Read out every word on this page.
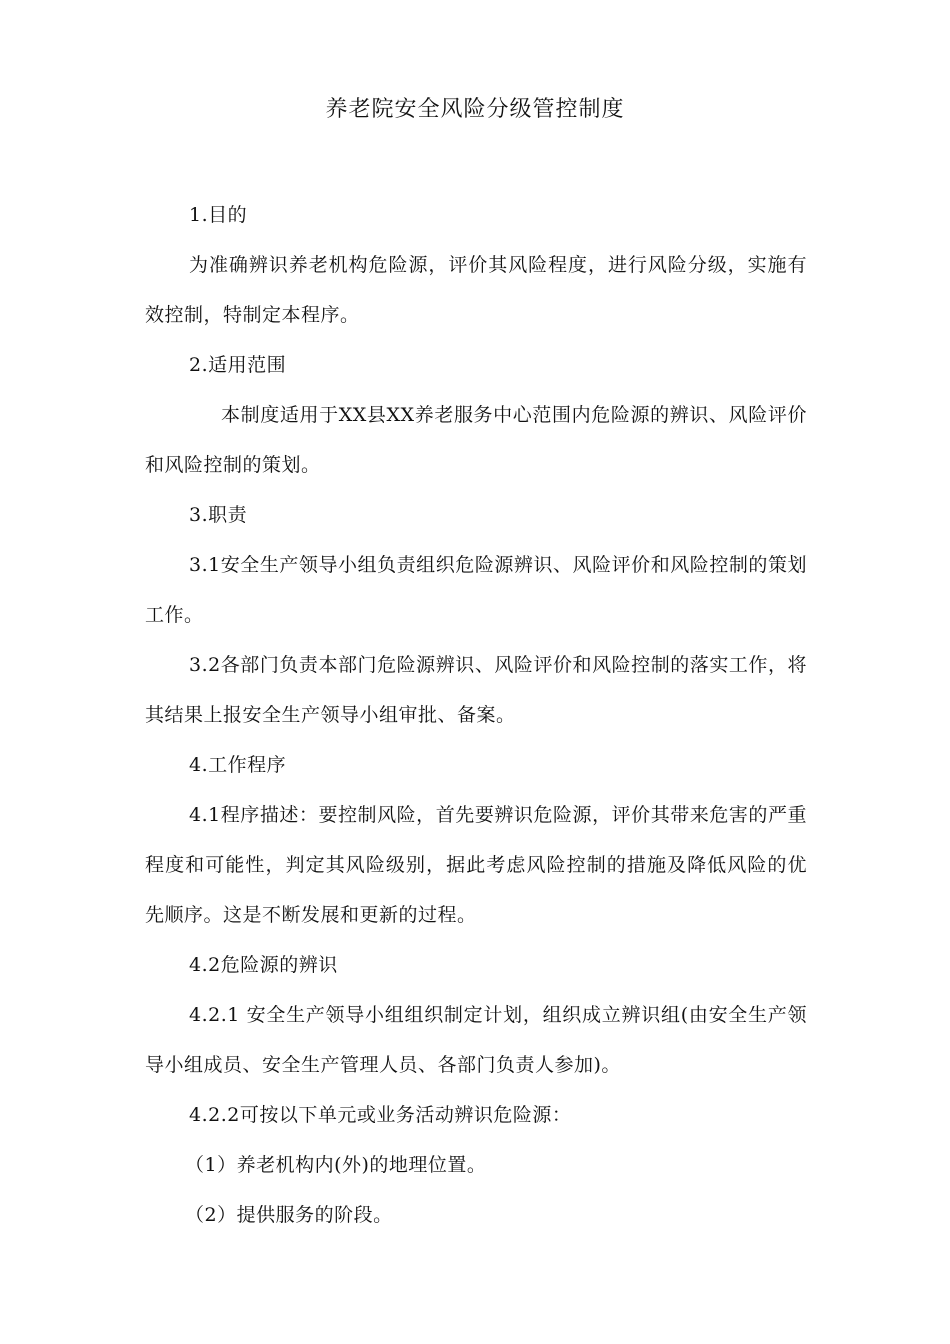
养老院安全风险分级管控制度

1.目的

为准确辨识养老机构危险源，评价其风险程度，进行风险分级，实施有效控制，特制定本程序。

2.适用范围

本制度适用于XX县XX养老服务中心范围内危险源的辨识、风险评价和风险控制的策划。

3.职责

3.1安全生产领导小组负责组织危险源辨识、风险评价和风险控制的策划工作。

3.2各部门负责本部门危险源辨识、风险评价和风险控制的落实工作，将其结果上报安全生产领导小组审批、备案。

4.工作程序

4.1程序描述：要控制风险，首先要辨识危险源，评价其带来危害的严重程度和可能性，判定其风险级别，据此考虑风险控制的措施及降低风险的优先顺序。这是不断发展和更新的过程。

4.2危险源的辨识

4.2.1 安全生产领导小组组织制定计划，组织成立辨识组(由安全生产领导小组成员、安全生产管理人员、各部门负责人参加)。

4.2.2可按以下单元或业务活动辨识危险源：

（1）养老机构内(外)的地理位置。

（2）提供服务的阶段。
